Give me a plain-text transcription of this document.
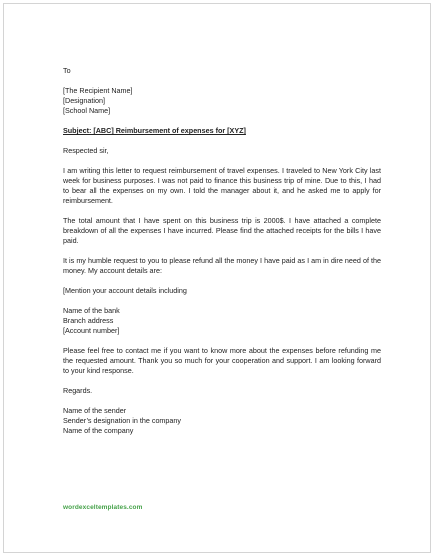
To
[The Recipient Name]
[Designation]
[School Name]
Subject: [ABC] Reimbursement of expenses for [XYZ]
Respected sir,
I am writing this letter to request reimbursement of travel expenses. I traveled to New York City last week for business purposes. I was not paid to finance this business trip of mine. Due to this, I had to bear all the expenses on my own. I told the manager about it, and he asked me to apply for reimbursement.
The total amount that I have spent on this business trip is 2000$. I have attached a complete breakdown of all the expenses I have incurred. Please find the attached receipts for the bills I have paid.
It is my humble request to you to please refund all the money I have paid as I am in dire need of the money. My account details are:
[Mention your account details including
Name of the bank
Branch address
[Account number]
Please feel free to contact me if you want to know more about the expenses before refunding me the requested amount. Thank you so much for your cooperation and support. I am looking forward to your kind response.
Regards.
Name of the sender
Sender’s designation in the company
Name of the company
wordexceltemplates.com
